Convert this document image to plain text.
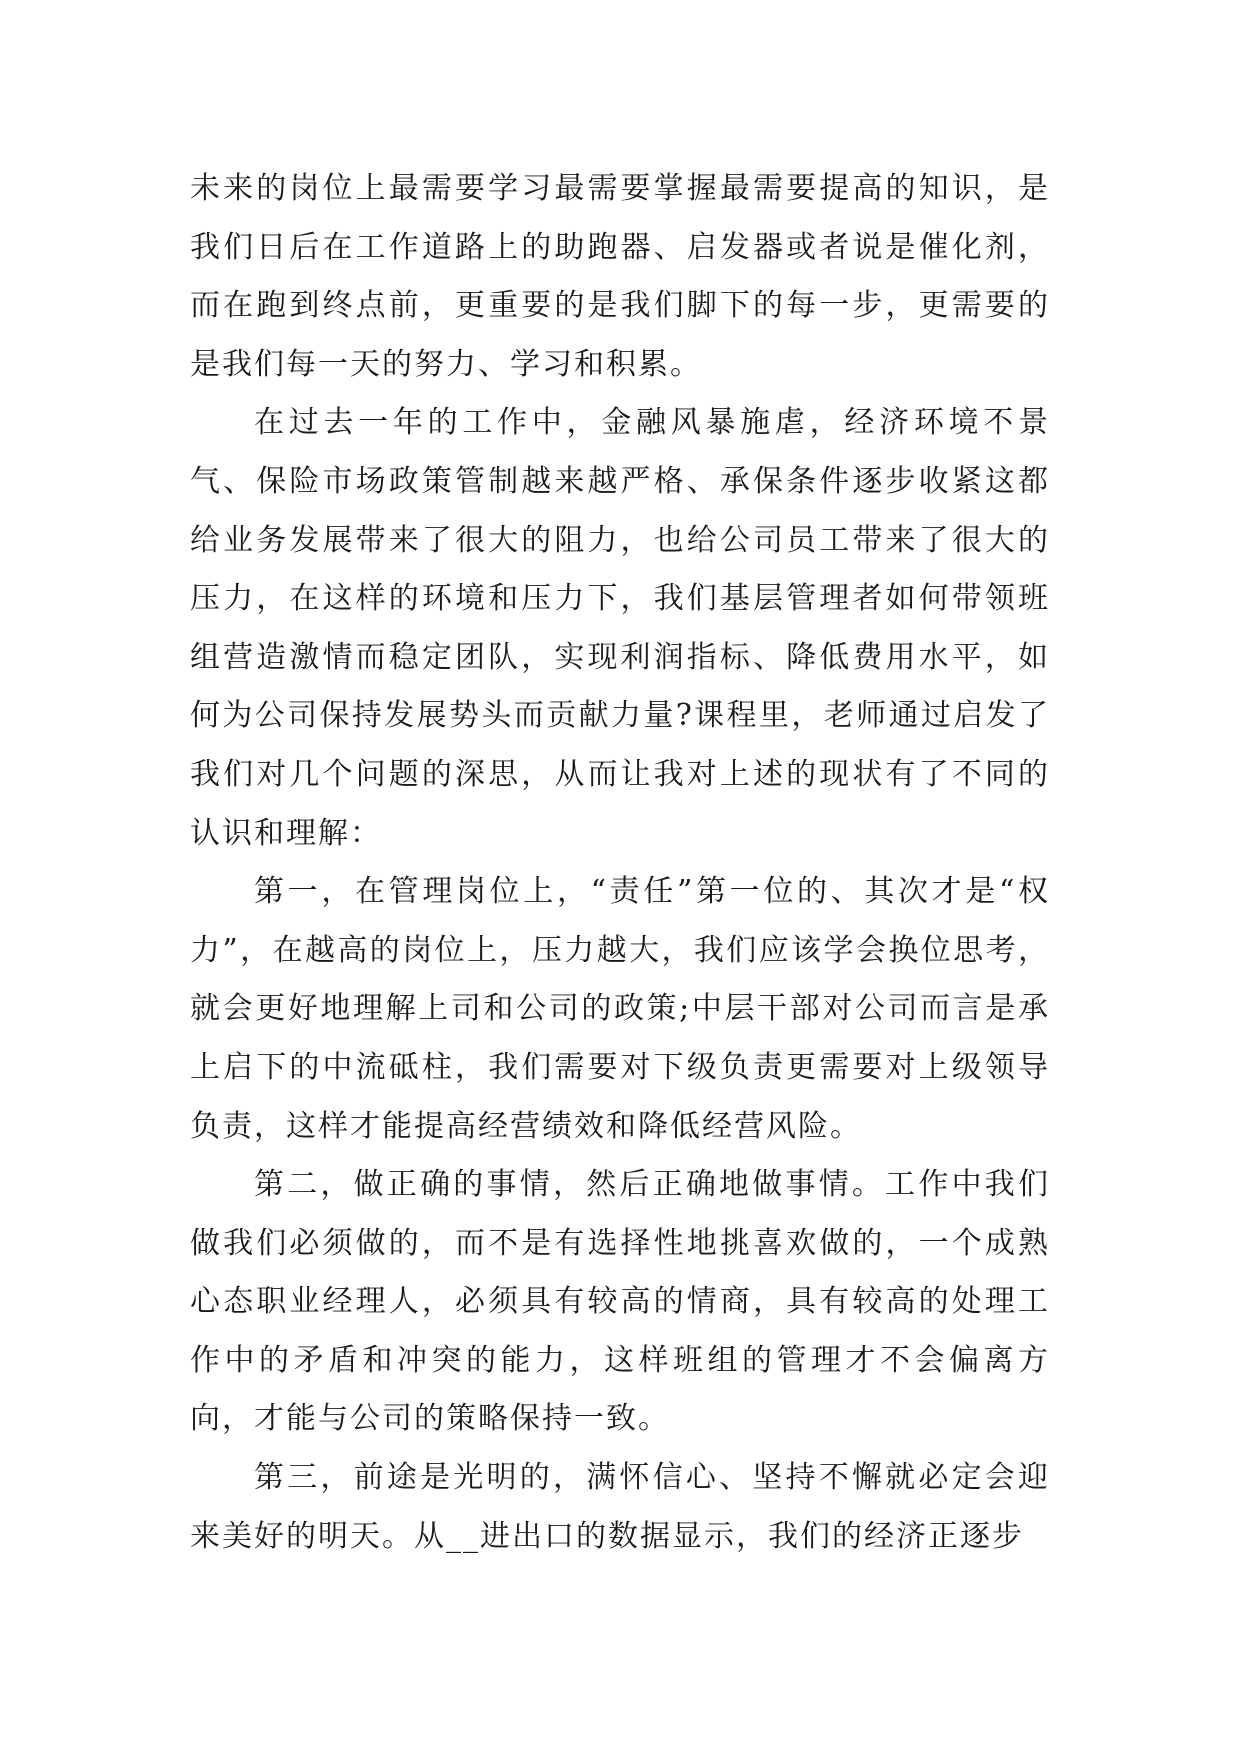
未来的岗位上最需要学习最需要掌握最需要提高的知识，是我们日后在工作道路上的助跑器、启发器或者说是催化剂，而在跑到终点前，更重要的是我们脚下的每一步，更需要的是我们每一天的努力、学习和积累。

在过去一年的工作中，金融风暴施虐，经济环境不景气、保险市场政策管制越来越严格、承保条件逐步收紧这都给业务发展带来了很大的阻力，也给公司员工带来了很大的压力，在这样的环境和压力下，我们基层管理者如何带领班组营造激情而稳定团队，实现利润指标、降低费用水平，如何为公司保持发展势头而贡献力量?课程里，老师通过启发了我们对几个问题的深思，从而让我对上述的现状有了不同的认识和理解：

第一，在管理岗位上，“责任”第一位的、其次才是“权力”，在越高的岗位上，压力越大，我们应该学会换位思考，就会更好地理解上司和公司的政策;中层干部对公司而言是承上启下的中流砥柱，我们需要对下级负责更需要对上级领导负责，这样才能提高经营绩效和降低经营风险。

第二，做正确的事情，然后正确地做事情。工作中我们做我们必须做的，而不是有选择性地挑喜欢做的，一个成熟心态职业经理人，必须具有较高的情商，具有较高的处理工作中的矛盾和冲突的能力，这样班组的管理才不会偏离方向，才能与公司的策略保持一致。

第三，前途是光明的，满怀信心、坚持不懈就必定会迎来美好的明天。从__进出口的数据显示，我们的经济正逐步
